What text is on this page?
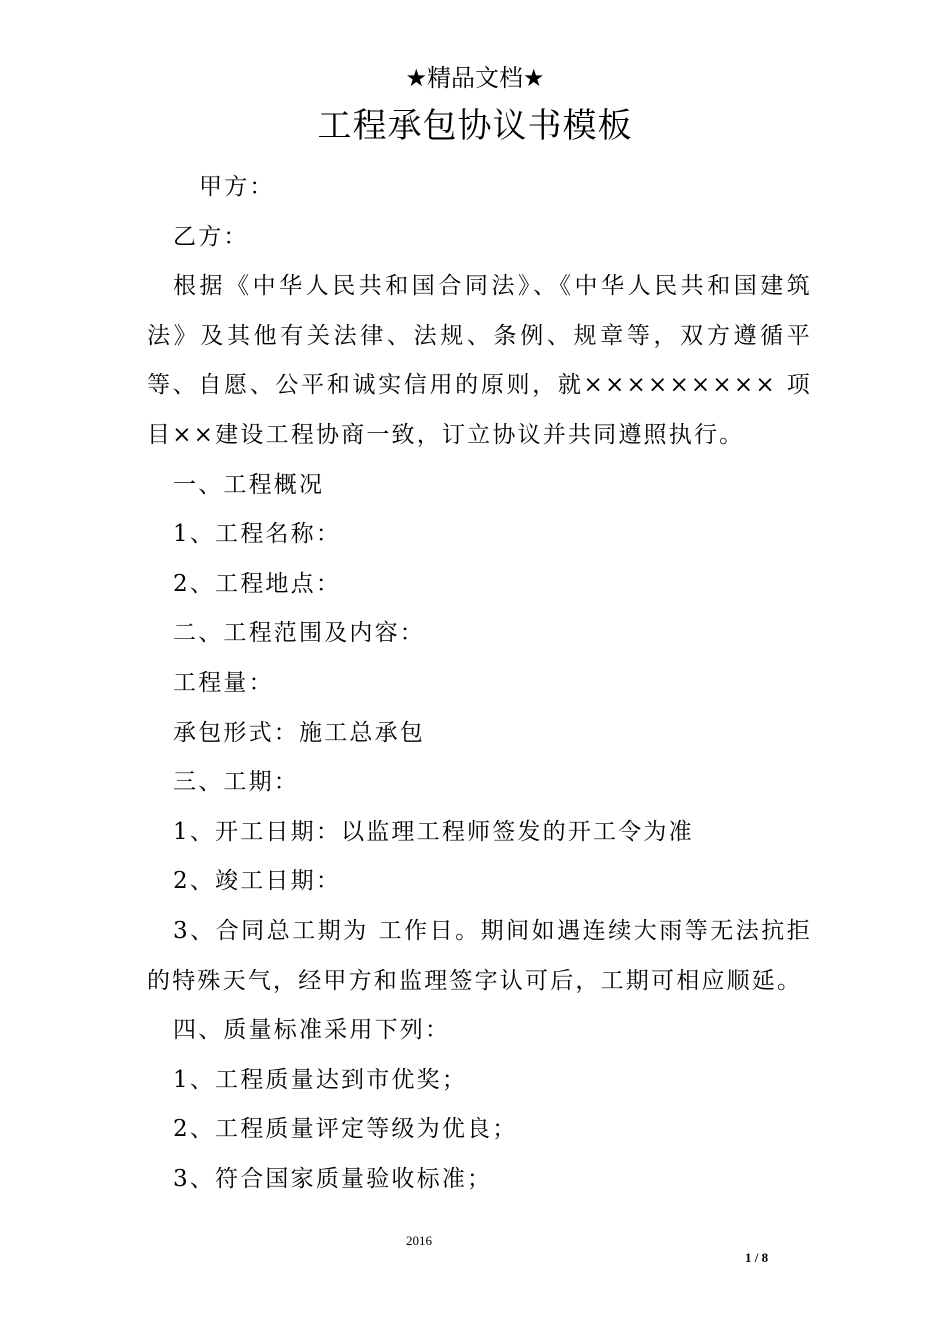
★精品文档★
工程承包协议书模板

甲方：

乙方：

根据《中华人民共和国合同法》、《中华人民共和国建筑法》及其他有关法律、法规、条例、规章等，双方遵循平等、自愿、公平和诚实信用的原则，就××××××××× 项目××建设工程协商一致，订立协议并共同遵照执行。

一、工程概况

1、工程名称：

2、工程地点：

二、工程范围及内容：

工程量：

承包形式：施工总承包

三、工期：

1、开工日期：以监理工程师签发的开工令为准

2、竣工日期：

3、合同总工期为 工作日。期间如遇连续大雨等无法抗拒的特殊天气，经甲方和监理签字认可后，工期可相应顺延。

四、质量标准采用下列：

1、工程质量达到市优奖；

2、工程质量评定等级为优良；

3、符合国家质量验收标准；

2016
1 / 8
